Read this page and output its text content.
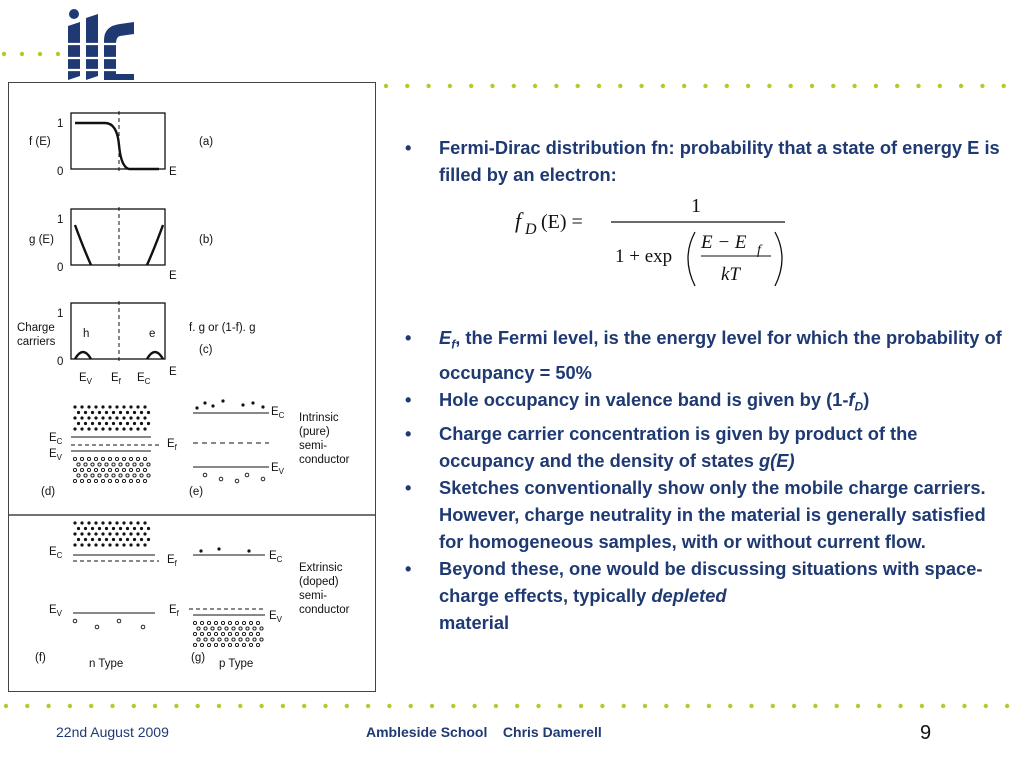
f (E)
1
0	E
(a)
g (E)
1
0
E
(b)
Charge
carriers
1
0
h	e	f. g or (1-f). g
(c)
$E_V$ $E_f$ $E_C$
E
$E_C$
$E_V$
$E_f$
(d)
$E_C$
$E_V$
Intrinsic
(pure)
semi-
conductor
(e)
$E_C$	$E_f$
$E_V$
(f)	n Type
$E_C$
$E_f$	$E_V$
Extrinsic
(doped)
semi-
conductor
(g) p Type
• Fermi-Dirac distribution fn: probability that a state of energy E is filled by an electron:
f D (E) =
1
1 + exp
E − E f
kT
• $E_f$, the Fermi level, is the energy level for which the probability of occupancy = 50%
• Hole occupancy in valence band is given by $(1-f_D)$
• Charge carrier concentration is given by product of the occupancy and the density of states g(E)
• Sketches conventionally show only the mobile charge carriers. However, charge neutrality in the material is generally satisfied for homogeneous samples, with or without current flow.
• Beyond these, one would be discussing situations with space-charge effects, typically depleted
material
22nd August 2009	Ambleside School    Chris Damerell	9
